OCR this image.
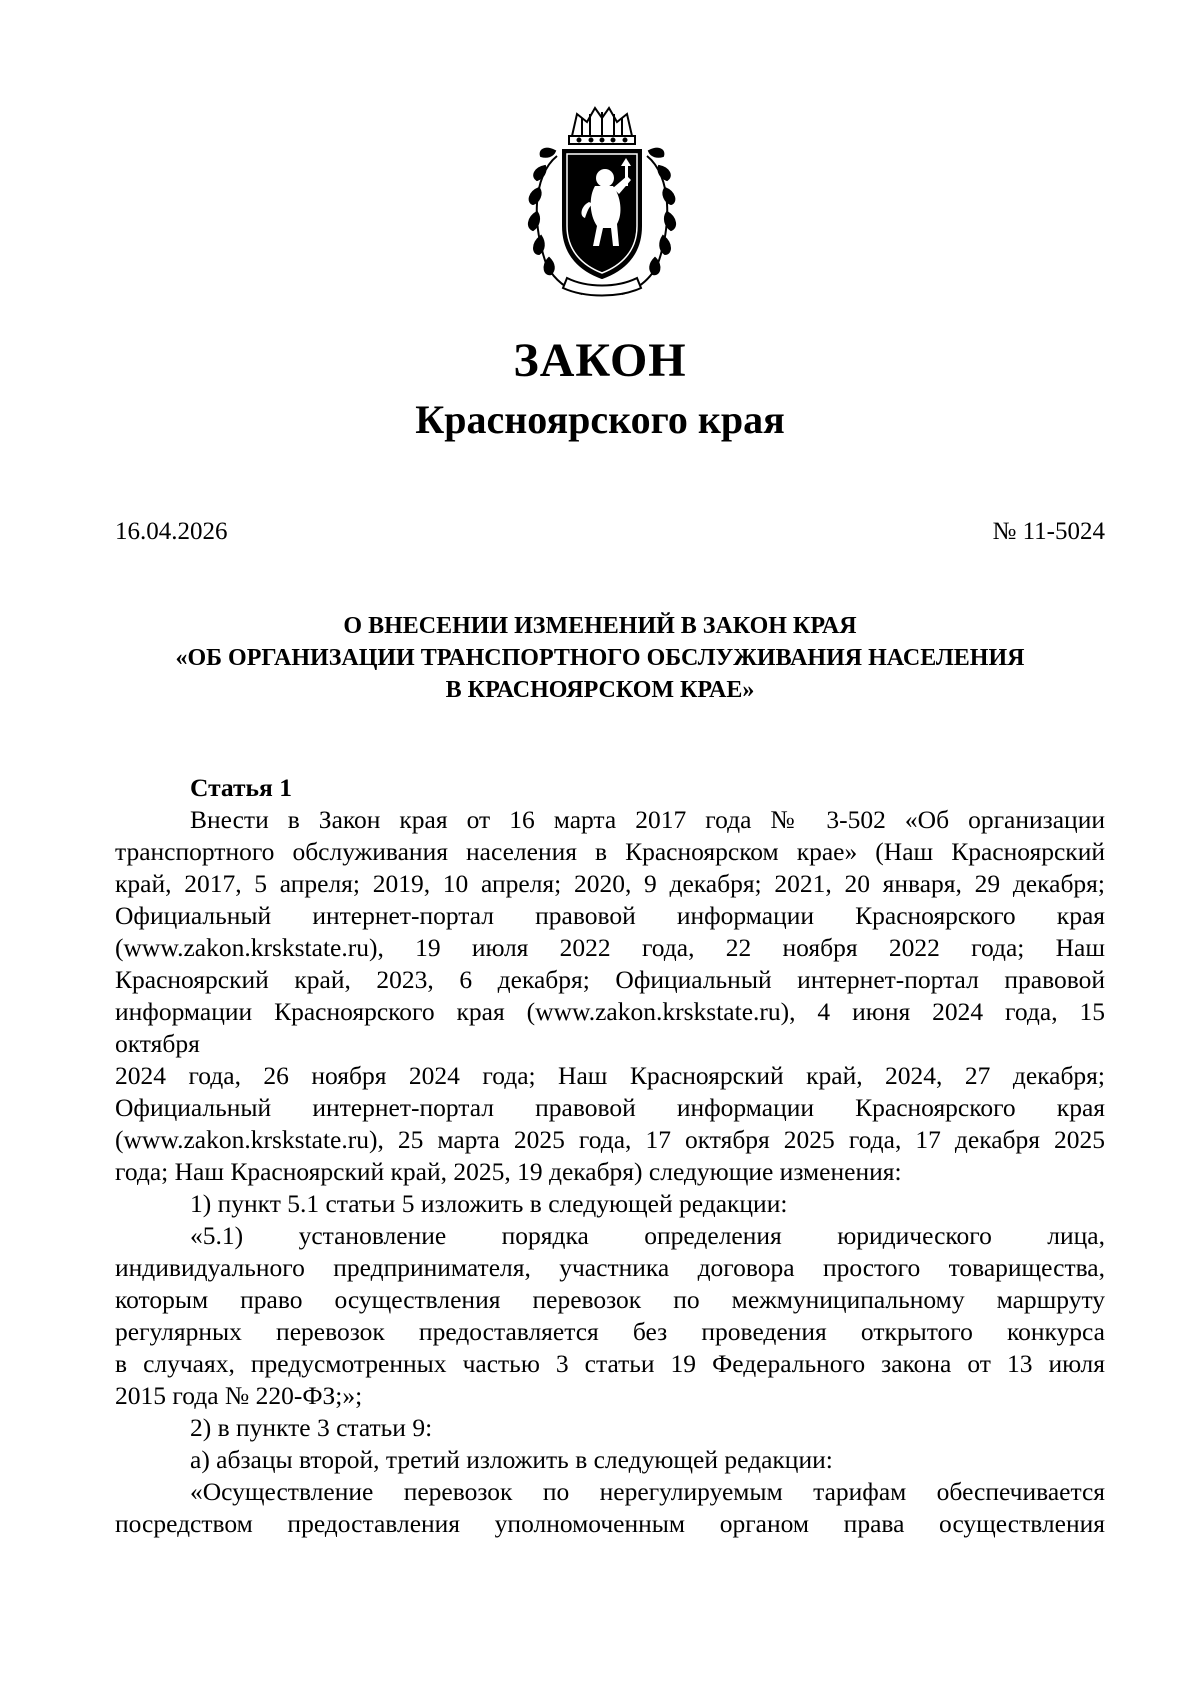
ЗАКОН
Красноярского края
16.04.2026	№ 11-5024
О ВНЕСЕНИИ ИЗМЕНЕНИЙ В ЗАКОН КРАЯ
«ОБ ОРГАНИЗАЦИИ ТРАНСПОРТНОГО ОБСЛУЖИВАНИЯ НАСЕЛЕНИЯ
В КРАСНОЯРСКОМ КРАЕ»
Статья 1
Внести в Закон края от 16 марта 2017 года № 3-502 «Об организации
транспортного обслуживания населения в Красноярском крае» (Наш Красноярский
край, 2017, 5 апреля; 2019, 10 апреля; 2020, 9 декабря; 2021, 20 января, 29 декабря;
Официальный интернет-портал правовой информации Красноярского края
(www.zakon.krskstate.ru), 19 июля 2022 года, 22 ноября 2022 года; Наш
Красноярский край, 2023, 6 декабря; Официальный интернет-портал правовой
информации Красноярского края (www.zakon.krskstate.ru), 4 июня 2024 года, 15
октября
2024 года, 26 ноября 2024 года; Наш Красноярский край, 2024, 27 декабря;
Официальный интернет-портал правовой информации Красноярского края
(www.zakon.krskstate.ru), 25 марта 2025 года, 17 октября 2025 года, 17 декабря 2025
года; Наш Красноярский край, 2025, 19 декабря) следующие изменения:
1) пункт 5.1 статьи 5 изложить в следующей редакции:
«5.1) установление порядка определения юридического лица,
индивидуального предпринимателя, участника договора простого товарищества,
которым право осуществления перевозок по межмуниципальному маршруту
регулярных перевозок предоставляется без проведения открытого конкурса
в случаях, предусмотренных частью 3 статьи 19 Федерального закона от 13 июля
2015 года № 220-ФЗ;»;
2) в пункте 3 статьи 9:
а) абзацы второй, третий изложить в следующей редакции:
«Осуществление перевозок по нерегулируемым тарифам обеспечивается
посредством предоставления уполномоченным органом права осуществления
